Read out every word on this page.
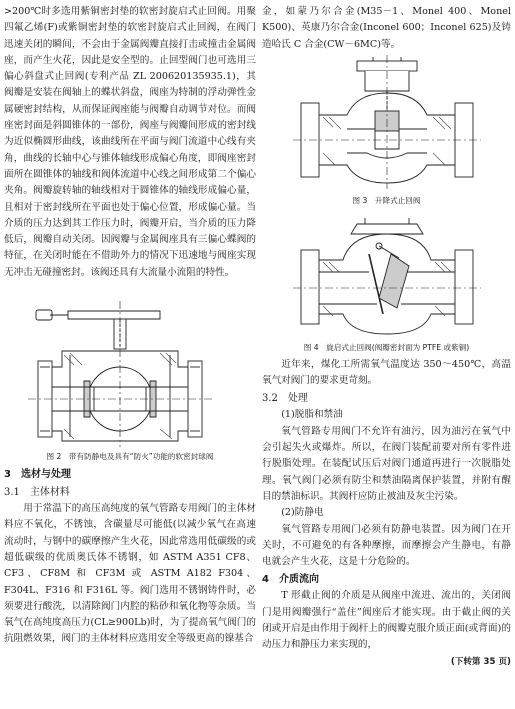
>200℃时多选用紫铜密封垫的软密封旋启式止回阀。用聚四氟乙烯(F)或紫铜密封垫的软密封旋启式止回阀，在阀门迅速关闭的瞬间，不会由于金属阀瓣直接打击或撞击金属阀座，而产生火花，因此是安全型的。止回型阀门也可选用三偏心斜盘式止回阀(专利产品 ZL 200620135935.1)，其阀瓣是安装在阀轴上的蝶状斜盘，阀座为特制的浮动弹性金属硬密封结构，从而保证阀座能与阀瓣自动调节对位。而阀座密封面是斜圆锥体的一部份，阀座与阀瓣间形成的密封线为近似椭圆形曲线，该曲线所在平面与阀门流道中心线有夹角，曲线的长轴中心与锥体轴线形成偏心角度，即阀座密封面所在圆锥体的轴线和阀体流道中心线之间形成第二个偏心夹角。阀瓣旋转轴的轴线相对于圆锥体的轴线形成偏心量，且相对于密封线所在平面也处于偏心位置，形成偏心量。当介质的压力达到其工作压力时，阀瓣开启，当介质的压力降低后，阀瓣自动关闭。因阀瓣与金属阀座具有三偏心蝶阀的特征，在关闭时能在不借助外力的情况下迅速地与阀座实现无冲击无碰撞密封。该阀还具有大流量小流阻的特性。

图 2　带有防静电及具有“防火”功能的软密封球阀
3　选材与处理
3.1　主体材料

用于常温下的高压高纯度的氧气管路专用阀门的主体材料应不氧化，不锈蚀，含碳量尽可能低(以减少氧气在高速流动时，与钢中的碳摩擦产生火花，因此常选用低碳级的或超低碳级的优质奥氏体不锈钢，如 ASTM A351 CF8、CF3、CF8M 和 CF3M 或 ASTM A182 F304、F304L、F316 和 F316L 等。阀门选用不锈钢铸件时，必须要进行酸洗，以清除阀门内腔的粘砂和氧化物等杂质。当氧气在高纯度高压力(CL≥900Lb)时，为了提高氧气阀门的抗阻燃效果，阀门的主体材料应选用安全等级更高的镍基合

金，如蒙乃尔合金(M35－1、Monel 400、Monel K500)、英康乃尔合金(Inconel 600；Inconel 625)及铸造哈氏 C 合金(CW－6MC)等。

图 3　升降式止回阀
图 4　旋启式止回阀(阀瓣密封面为 PTFE 或紫铜)

近年来，煤化工所需氧气温度达 350～450℃，高温氧气对阀门的要求更苛刻。

3.2　处理
(1)脱脂和禁油

氧气管路专用阀门不允许有油污，因为油污在氧气中会引起失火或爆炸。所以，在阀门装配前要对所有零件进行脱脂处理。在装配试压后对阀门通道再进行一次脱脂处理。氧气阀门必须有防尘和禁油隔离保护装置，并附有醒目的禁油标识。其阀杆应防止被油及灰尘污染。

(2)防静电

氧气管路专用阀门必须有防静电装置。因为阀门在开关时，不可避免的有各种摩擦，而摩擦会产生静电，有静电就会产生火花，这是十分危险的。

4　介质流向

T 形截止阀的介质是从阀座中流进、流出的，关闭阀门是用阀瓣强行“盖住”阀座后才能实现。由于截止阀的关闭或开启是由作用于阀杆上的阀瓣克服介质正面(或背面)的动压力和静压力来实现的，

(下转第 35 页)
